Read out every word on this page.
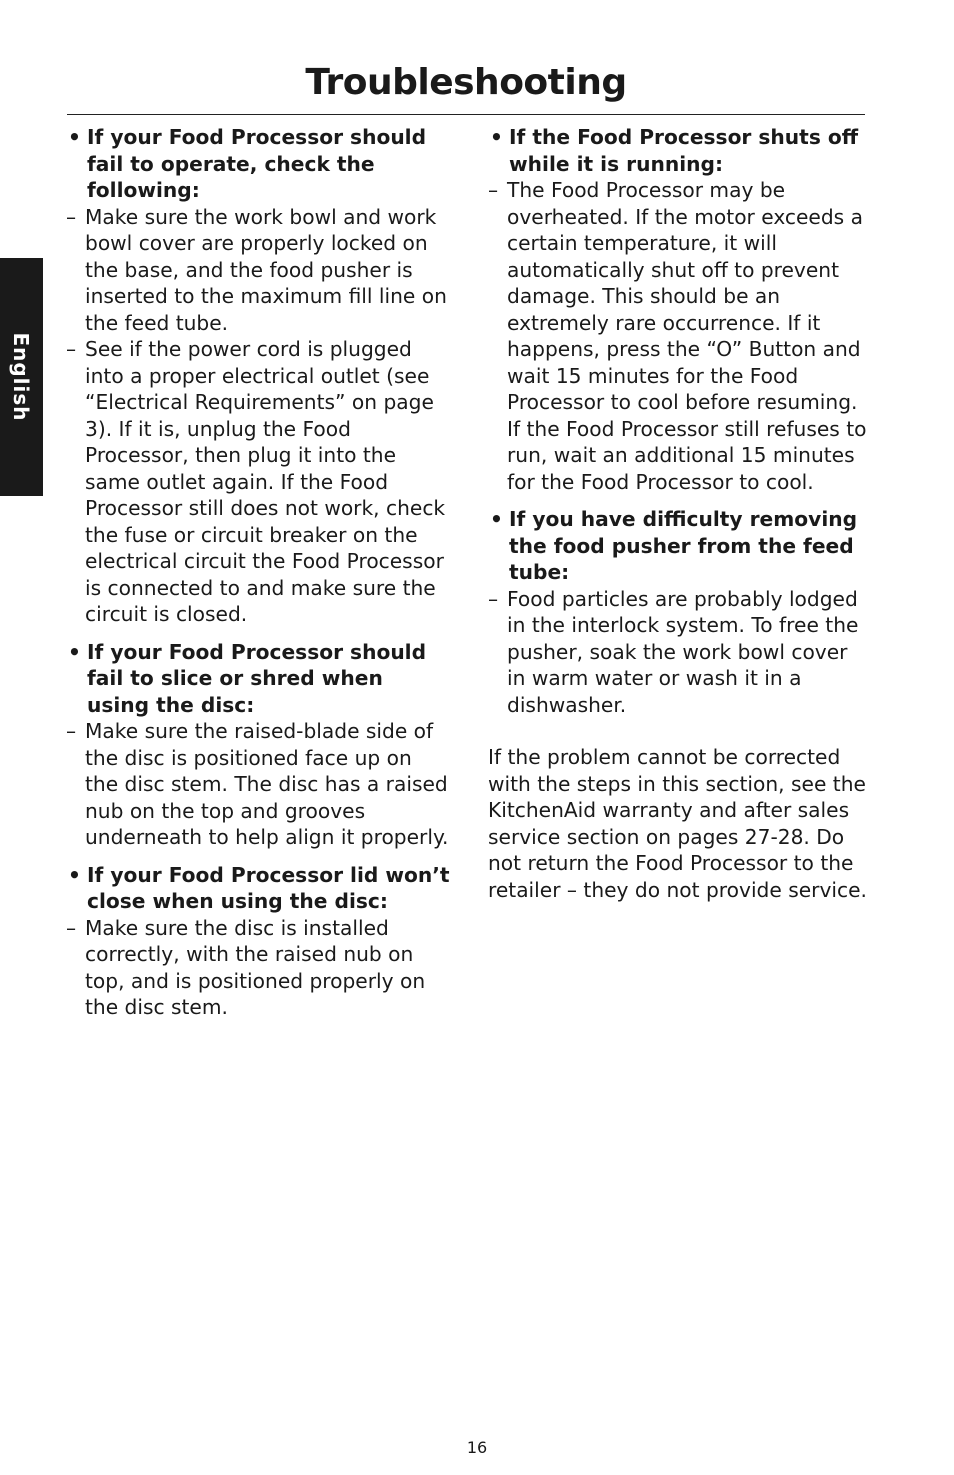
Troubleshooting
English
• If your Food Processor should fail to operate, check the following:

– Make sure the work bowl and work bowl cover are properly locked on the base, and the food pusher is inserted to the maximum fill line on the feed tube.

– See if the power cord is plugged into a proper electrical outlet (see “Electrical Requirements” on page 3). If it is, unplug the Food Processor, then plug it into the same outlet again. If the Food Processor still does not work, check the fuse or circuit breaker on the electrical circuit the Food Processor is connected to and make sure the circuit is closed.

• If your Food Processor should fail to slice or shred when using the disc:

– Make sure the raised-blade side of the disc is positioned face up on the disc stem. The disc has a raised nub on the top and grooves underneath to help align it properly.

• If your Food Processor lid won’t close when using the disc:

– Make sure the disc is installed correctly, with the raised nub on top, and is positioned properly on the disc stem.

• If the Food Processor shuts off while it is running:

– The Food Processor may be overheated. If the motor exceeds a certain temperature, it will automatically shut off to prevent damage. This should be an extremely rare occurrence. If it happens, press the “O” Button and wait 15 minutes for the Food Processor to cool before resuming. If the Food Processor still refuses to run, wait an additional 15 minutes for the Food Processor to cool.

• If you have difficulty removing the food pusher from the feed tube:

– Food particles are probably lodged in the interlock system. To free the pusher, soak the work bowl cover in warm water or wash it in a dishwasher.

If the problem cannot be corrected with the steps in this section, see the KitchenAid warranty and after sales service section on pages 27-28. Do not return the Food Processor to the retailer – they do not provide service.
16
